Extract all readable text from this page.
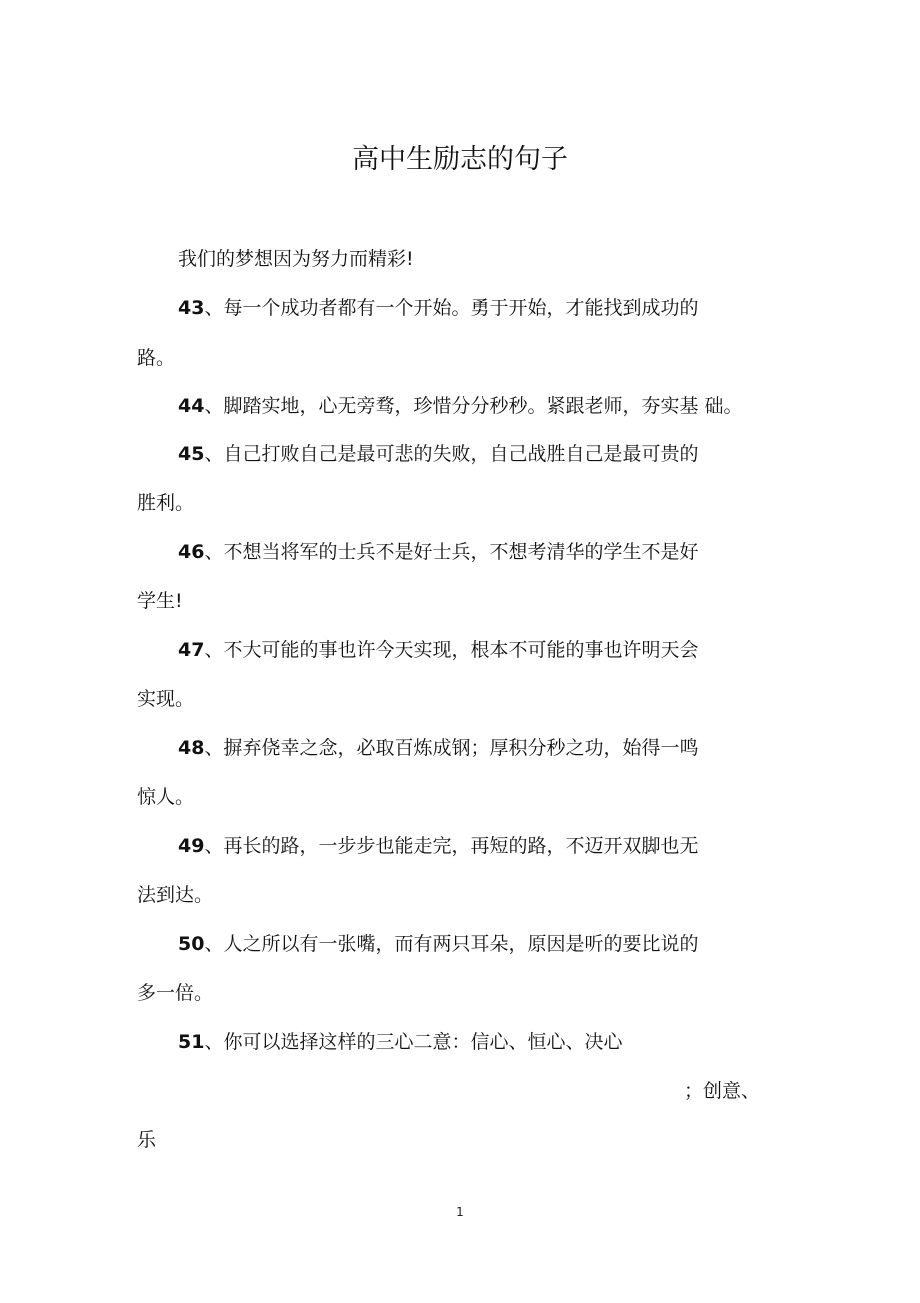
高中生励志的句子
我们的梦想因为努力而精彩!
43、每一个成功者都有一个开始。勇于开始，才能找到成功的
路。
44、脚踏实地，心无旁骛，珍惜分分秒秒。紧跟老师，夯实基 础。
45、自己打败自己是最可悲的失败，自己战胜自己是最可贵的
胜利。
46、不想当将军的士兵不是好士兵，不想考清华的学生不是好
学生!
47、不大可能的事也许今天实现，根本不可能的事也许明天会
实现。
48、摒弃侥幸之念，必取百炼成钢；厚积分秒之功，始得一鸣
惊人。
49、再长的路，一步步也能走完，再短的路，不迈开双脚也无
法到达。
50、人之所以有一张嘴，而有两只耳朵，原因是听的要比说的
多一倍。
51、你可以选择这样的三心二意：信心、恒心、决心
；创意、
乐
1
